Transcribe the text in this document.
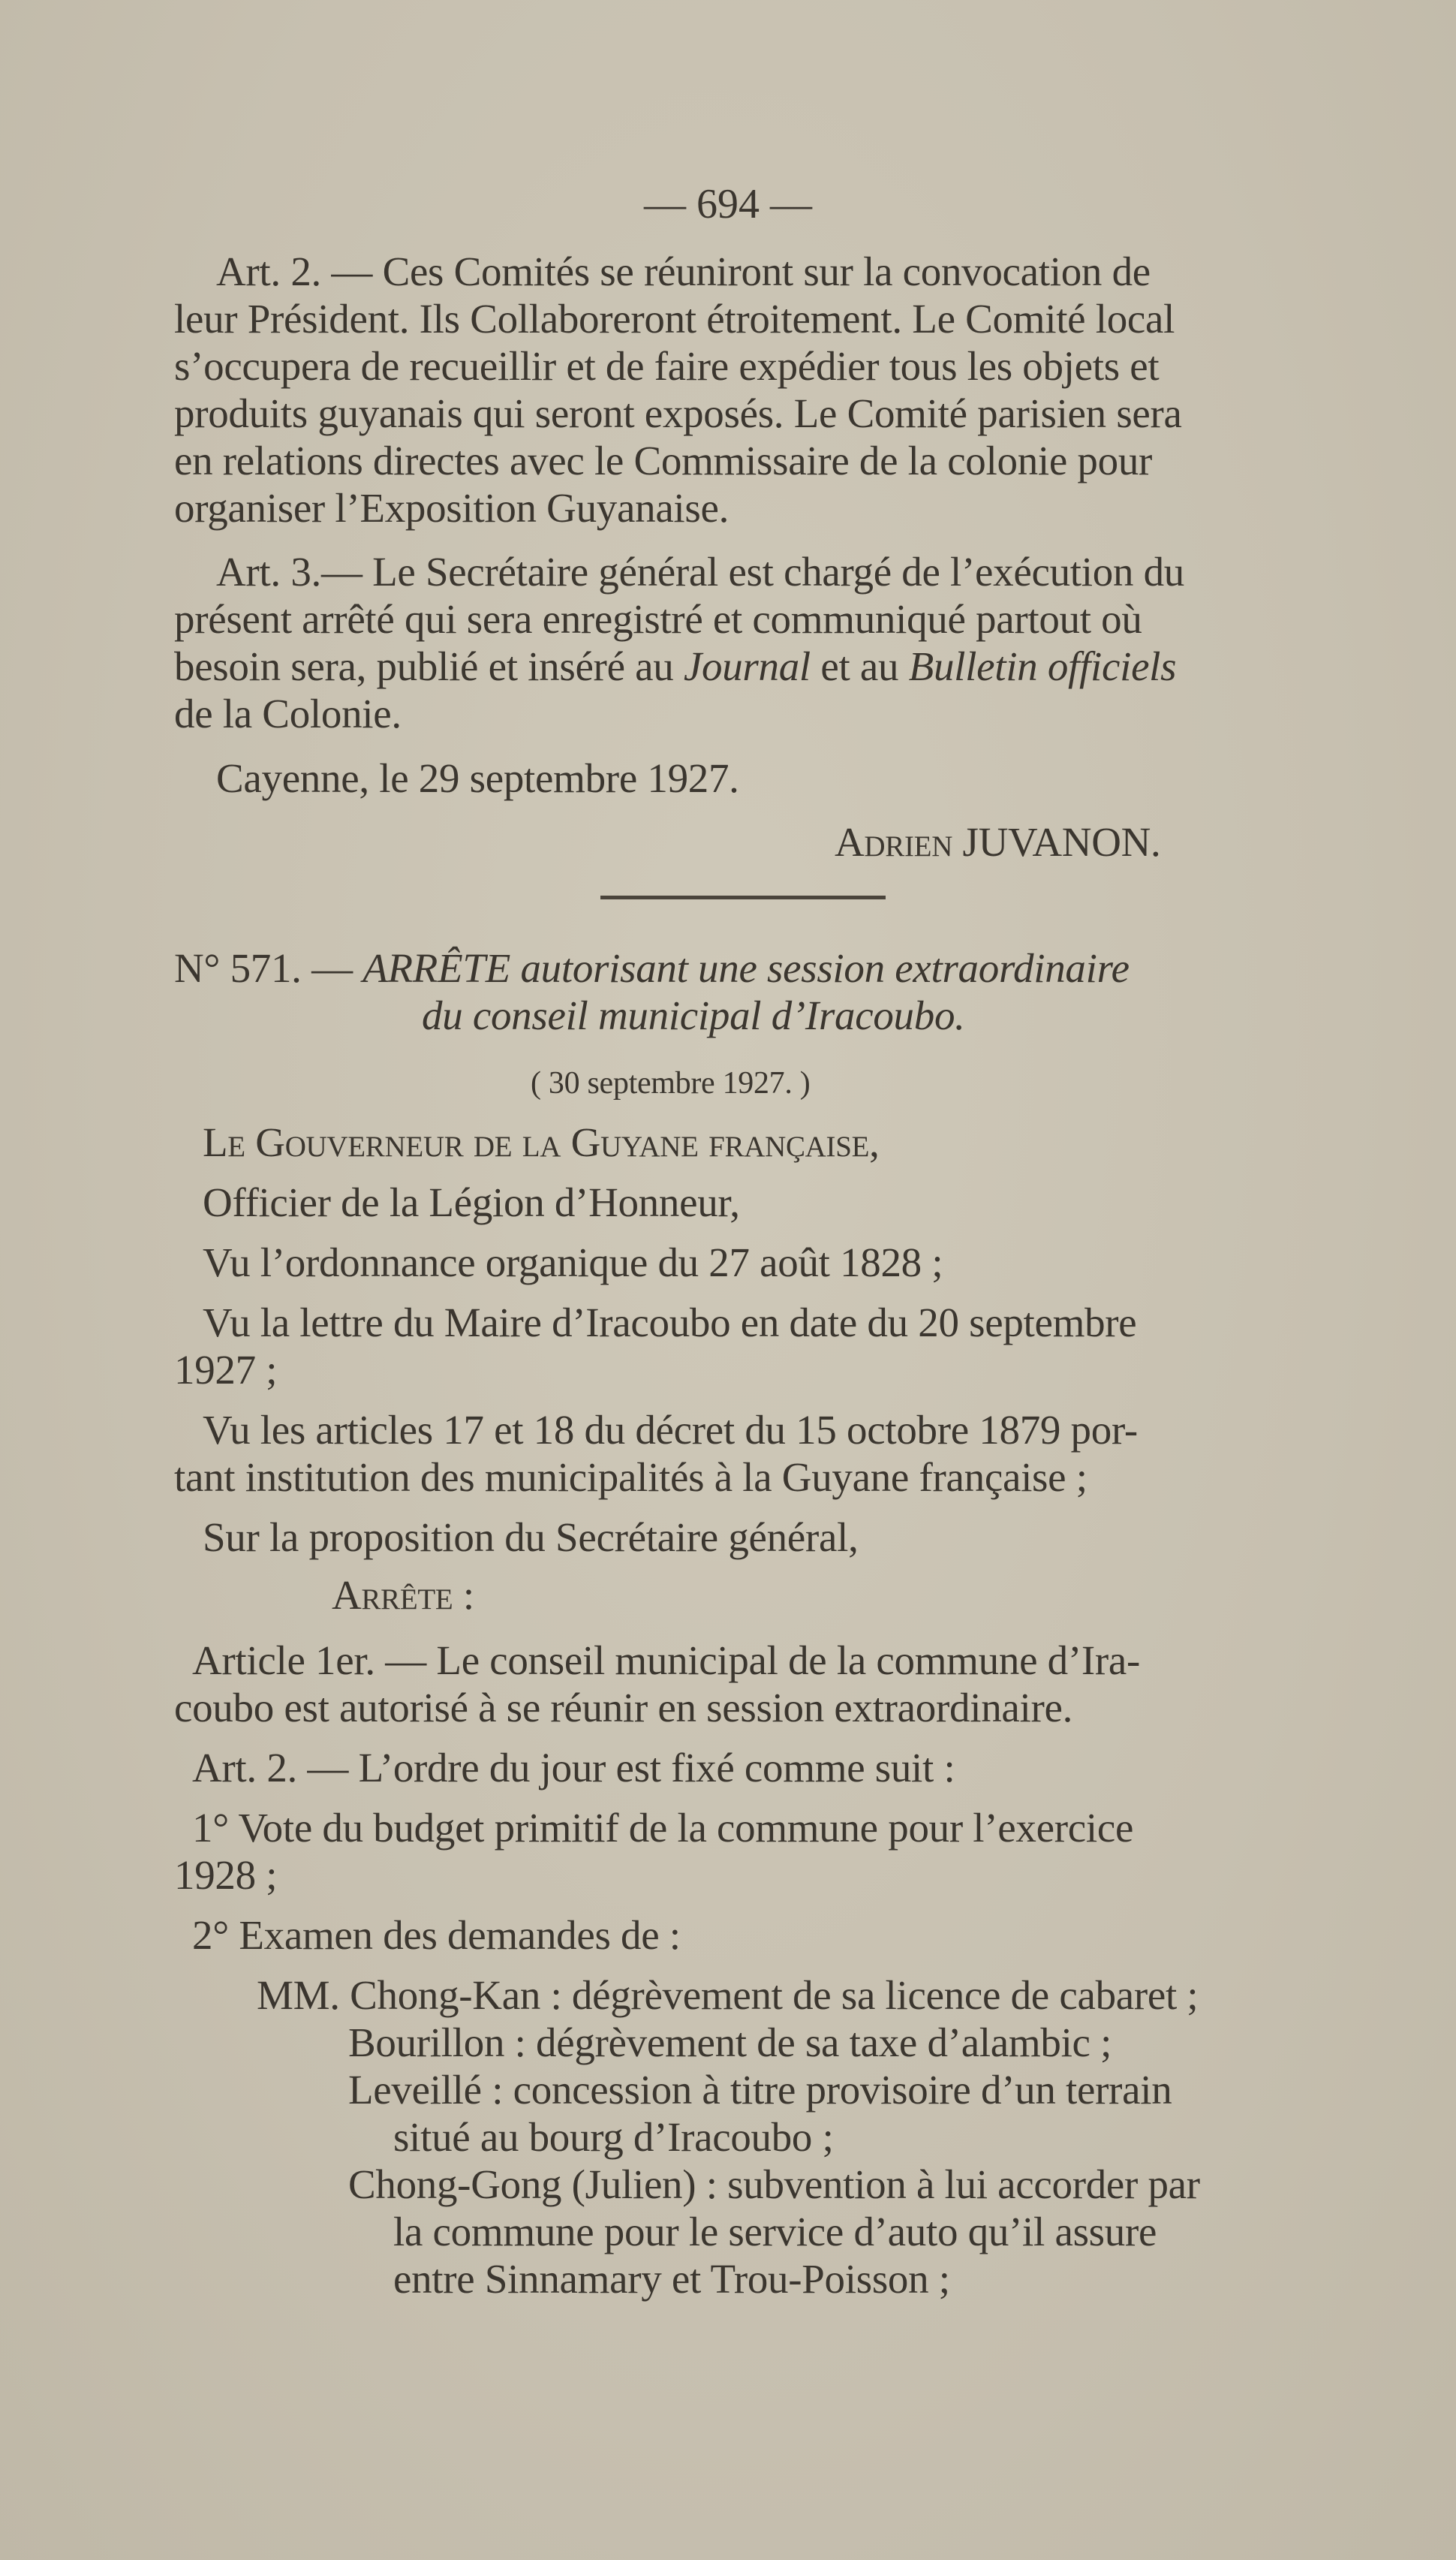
— 694 —
Art. 2. — Ces Comités se réuniront sur la convocation de
leur Président. Ils Collaboreront étroitement. Le Comité local
s’occupera de recueillir et de faire expédier tous les objets et
produits guyanais qui seront exposés. Le Comité parisien sera
en relations directes avec le Commissaire de la colonie pour
organiser l’Exposition Guyanaise.
Art. 3.— Le Secrétaire général est chargé de l’exécution du
présent arrêté qui sera enregistré et communiqué partout où
besoin sera, publié et inséré au Journal et au Bulletin officiels
de la Colonie.
Cayenne, le 29 septembre 1927.
Adrien JUVANON.
N° 571. — ARRÊTE autorisant une session extraordinaire
du conseil municipal d’Iracoubo.
( 30 septembre 1927. )
Le Gouverneur de la Guyane française,
Officier de la Légion d’Honneur,
Vu l’ordonnance organique du 27 août 1828 ;
Vu la lettre du Maire d’Iracoubo en date du 20 septembre
1927 ;
Vu les articles 17 et 18 du décret du 15 octobre 1879 por-
tant institution des municipalités à la Guyane française ;
Sur la proposition du Secrétaire général,
Arrête :
Article 1er. — Le conseil municipal de la commune d’Ira-
coubo est autorisé à se réunir en session extraordinaire.
Art. 2. — L’ordre du jour est fixé comme suit :
1° Vote du budget primitif de la commune pour l’exercice
1928 ;
2° Examen des demandes de :
MM. Chong-Kan : dégrèvement de sa licence de cabaret ;
Bourillon : dégrèvement de sa taxe d’alambic ;
Leveillé : concession à titre provisoire d’un terrain
situé au bourg d’Iracoubo ;
Chong-Gong (Julien) : subvention à lui accorder par
la commune pour le service d’auto qu’il assure
entre Sinnamary et Trou-Poisson ;
